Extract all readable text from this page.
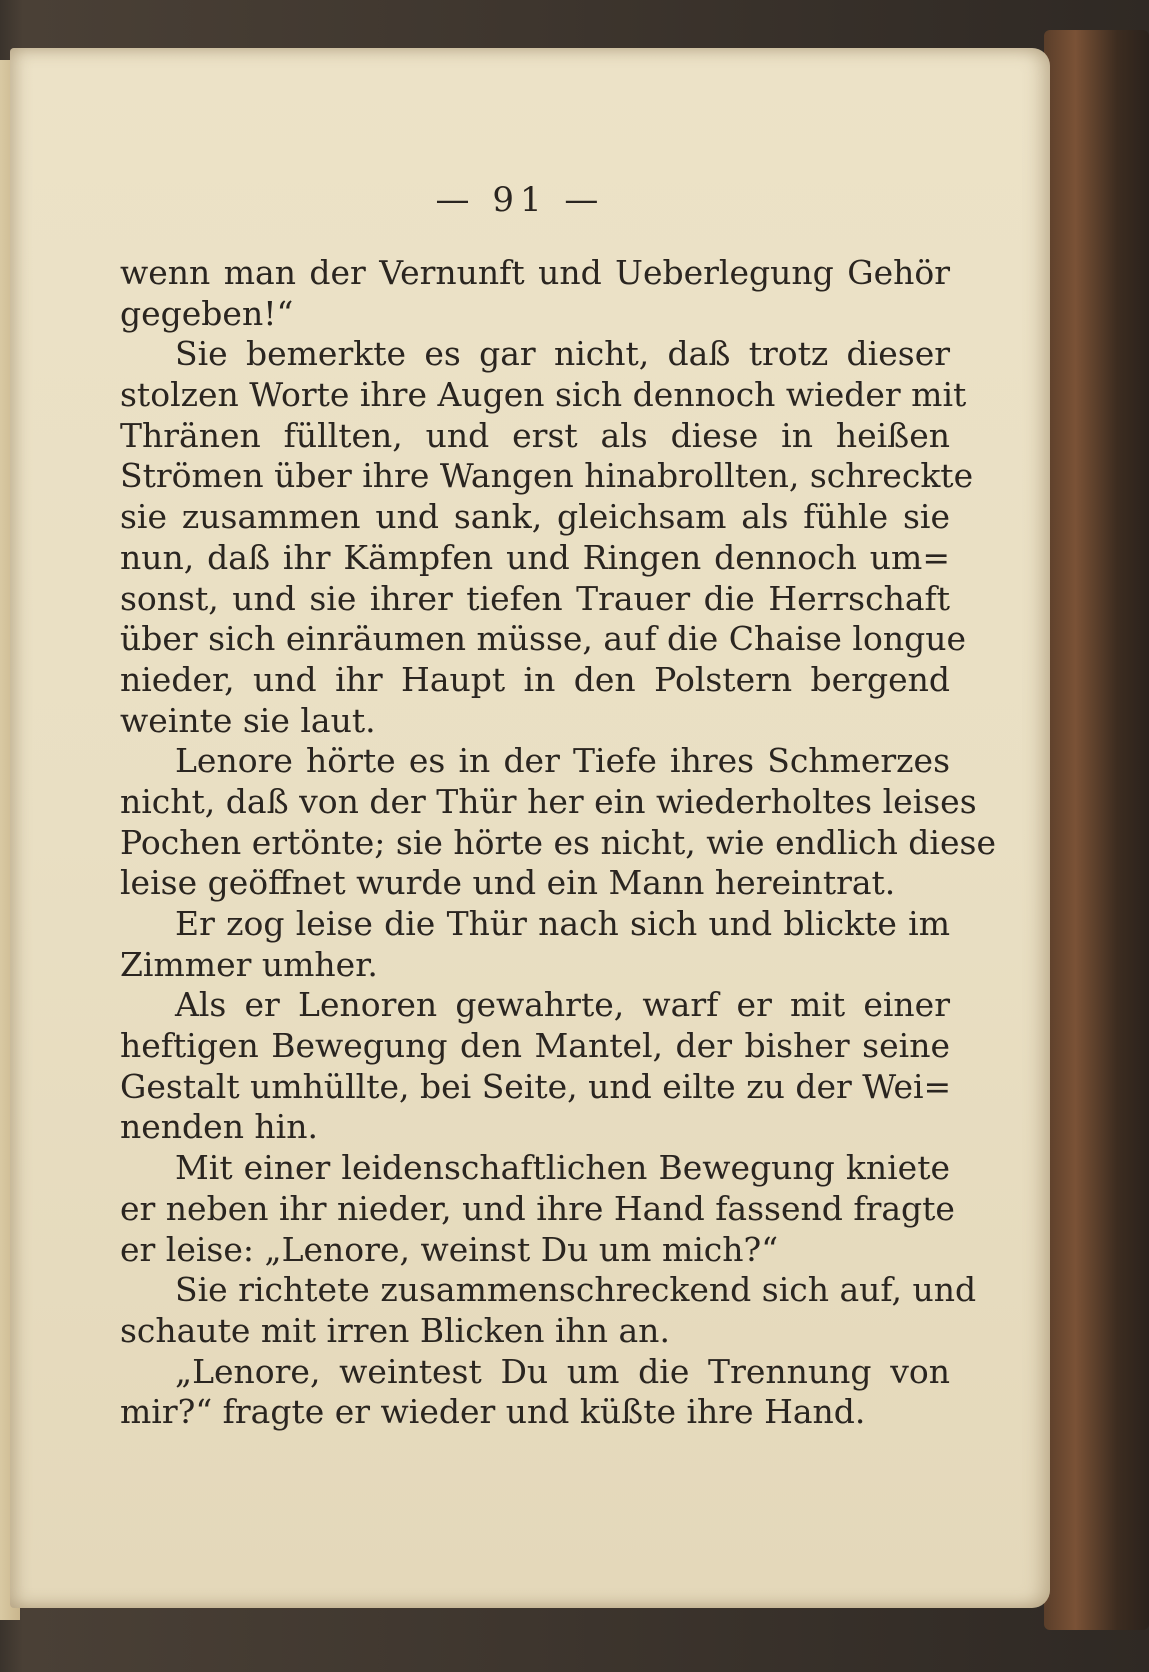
— 91 —
wenn man der Vernunft und Ueberlegung Gehör
gegeben!“
Sie bemerkte es gar nicht, daß trotz dieser
stolzen Worte ihre Augen sich dennoch wieder mit
Thränen füllten, und erst als diese in heißen
Strömen über ihre Wangen hinabrollten, schreckte
sie zusammen und sank, gleichsam als fühle sie
nun, daß ihr Kämpfen und Ringen dennoch um=
sonst, und sie ihrer tiefen Trauer die Herrschaft
über sich einräumen müsse, auf die Chaise longue
nieder, und ihr Haupt in den Polstern bergend
weinte sie laut.
Lenore hörte es in der Tiefe ihres Schmerzes
nicht, daß von der Thür her ein wiederholtes leises
Pochen ertönte; sie hörte es nicht, wie endlich diese
leise geöffnet wurde und ein Mann hereintrat.
Er zog leise die Thür nach sich und blickte im
Zimmer umher.
Als er Lenoren gewahrte, warf er mit einer
heftigen Bewegung den Mantel, der bisher seine
Gestalt umhüllte, bei Seite, und eilte zu der Wei=
nenden hin.
Mit einer leidenschaftlichen Bewegung kniete
er neben ihr nieder, und ihre Hand fassend fragte
er leise: „Lenore, weinst Du um mich?“
Sie richtete zusammenschreckend sich auf, und
schaute mit irren Blicken ihn an.
„Lenore, weintest Du um die Trennung von
mir?“ fragte er wieder und küßte ihre Hand.
